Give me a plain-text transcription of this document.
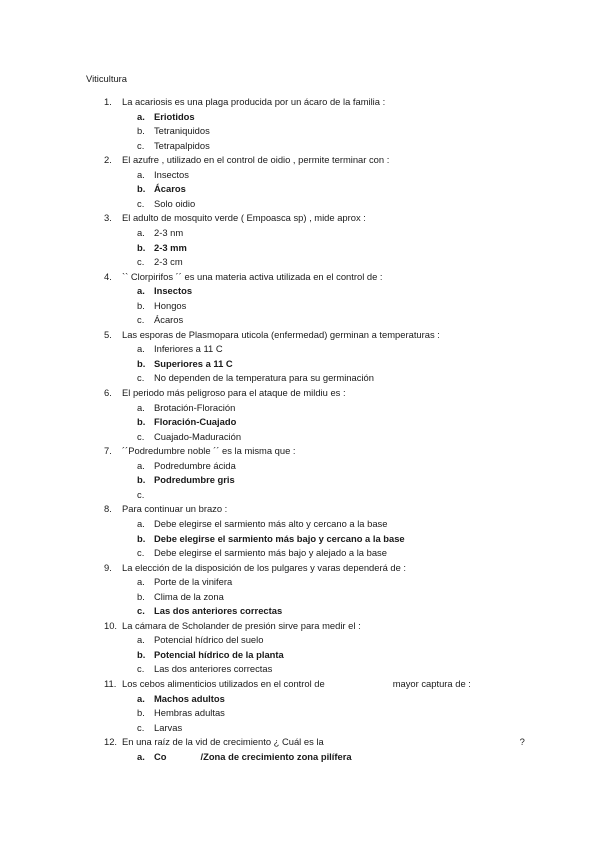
Viticultura
1. La acariosis es una plaga producida por un ácaro de la familia :
a. Eriotidos
b. Tetraniquidos
c. Tetrapalpidos
2. El azufre , utilizado en el control de oidio , permite terminar con :
a. Insectos
b. Ácaros
c. Solo oidio
3. El adulto de mosquito verde ( Empoasca sp) , mide aprox :
a. 2-3 nm
b. 2-3 mm
c. 2-3 cm
4. `` Clorpirifos ´´ es una materia activa utilizada en el control de :
a. Insectos
b. Hongos
c. Ácaros
5. Las esporas de Plasmopara uticola (enfermedad) germinan a temperaturas :
a. Inferiores a 11 C
b. Superiores a 11 C
c. No dependen de la temperatura para su germinación
6. El periodo más peligroso para el ataque de mildiu es :
a. Brotación-Floración
b. Floración-Cuajado
c. Cuajado-Maduración
7. ´´Podredumbre noble ´´ es la misma que :
a. Podredumbre ácida
b. Podredumbre gris
c.
8. Para continuar un brazo :
a. Debe elegirse el sarmiento más alto y cercano a la base
b. Debe elegirse el sarmiento más bajo y cercano a la base
c. Debe elegirse el sarmiento más bajo y alejado a la base
9. La elección de la disposición de los pulgares y varas dependerá de :
a. Porte de la vinifera
b. Clima de la zona
c. Las dos anteriores correctas
10. La cámara de Scholander de presión sirve para medir el :
a. Potencial hídrico del suelo
b. Potencial hídrico de la planta
c. Las dos anteriores correctas
11. Los cebos alimenticios utilizados en el control de	mayor captura de :
a. Machos adultos
b. Hembras adultas
c. Larvas
12. En una raíz de la vid de crecimiento ¿ Cuál es la	?
a. Co	/Zona de crecimiento zona pilífera
